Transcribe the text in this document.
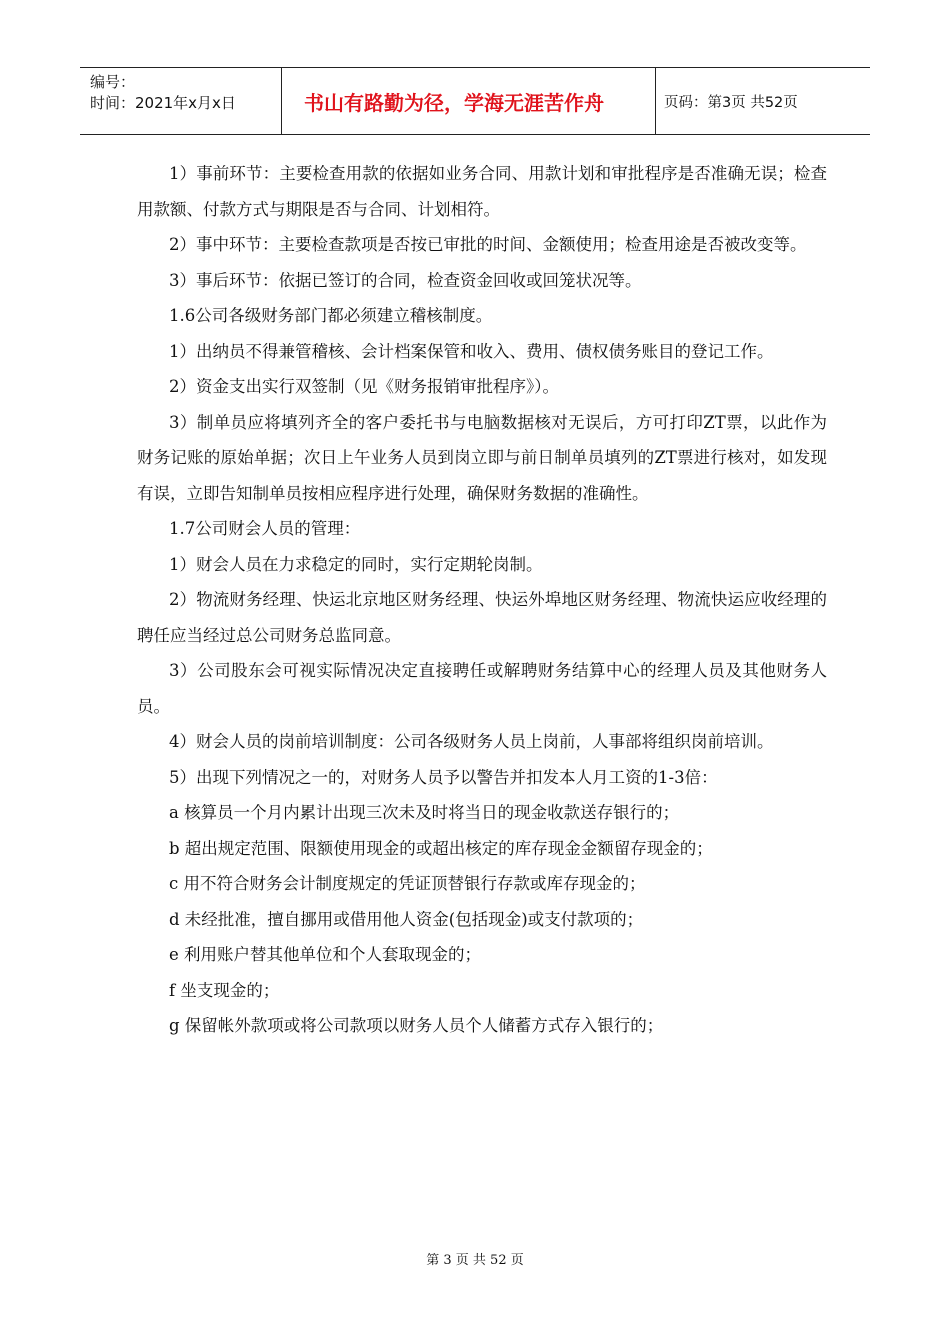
编号：
时间：2021年x月x日	书山有路勤为径，学海无涯苦作舟	页码：第3页 共52页

1）事前环节：主要检查用款的依据如业务合同、用款计划和审批程序是否准确无误；检查用款额、付款方式与期限是否与合同、计划相符。

2）事中环节：主要检查款项是否按已审批的时间、金额使用；检查用途是否被改变等。

3）事后环节：依据已签订的合同，检查资金回收或回笼状况等。

1.6公司各级财务部门都必须建立稽核制度。

1）出纳员不得兼管稽核、会计档案保管和收入、费用、债权债务账目的登记工作。

2）资金支出实行双签制（见《财务报销审批程序》）。

3）制单员应将填列齐全的客户委托书与电脑数据核对无误后，方可打印ZT票，以此作为财务记账的原始单据；次日上午业务人员到岗立即与前日制单员填列的ZT票进行核对，如发现有误，立即告知制单员按相应程序进行处理，确保财务数据的准确性。

1.7公司财会人员的管理：

1）财会人员在力求稳定的同时，实行定期轮岗制。

2）物流财务经理、快运北京地区财务经理、快运外埠地区财务经理、物流快运应收经理的聘任应当经过总公司财务总监同意。

3）公司股东会可视实际情况决定直接聘任或解聘财务结算中心的经理人员及其他财务人员。

4）财会人员的岗前培训制度：公司各级财务人员上岗前，人事部将组织岗前培训。

5）出现下列情况之一的，对财务人员予以警告并扣发本人月工资的1-3倍：

a 核算员一个月内累计出现三次未及时将当日的现金收款送存银行的；

b 超出规定范围、限额使用现金的或超出核定的库存现金金额留存现金的；

c 用不符合财务会计制度规定的凭证顶替银行存款或库存现金的；

d 未经批准，擅自挪用或借用他人资金(包括现金)或支付款项的；

e 利用账户替其他单位和个人套取现金的；

f 坐支现金的；

g 保留帐外款项或将公司款项以财务人员个人储蓄方式存入银行的；

第 3 页 共 52 页
